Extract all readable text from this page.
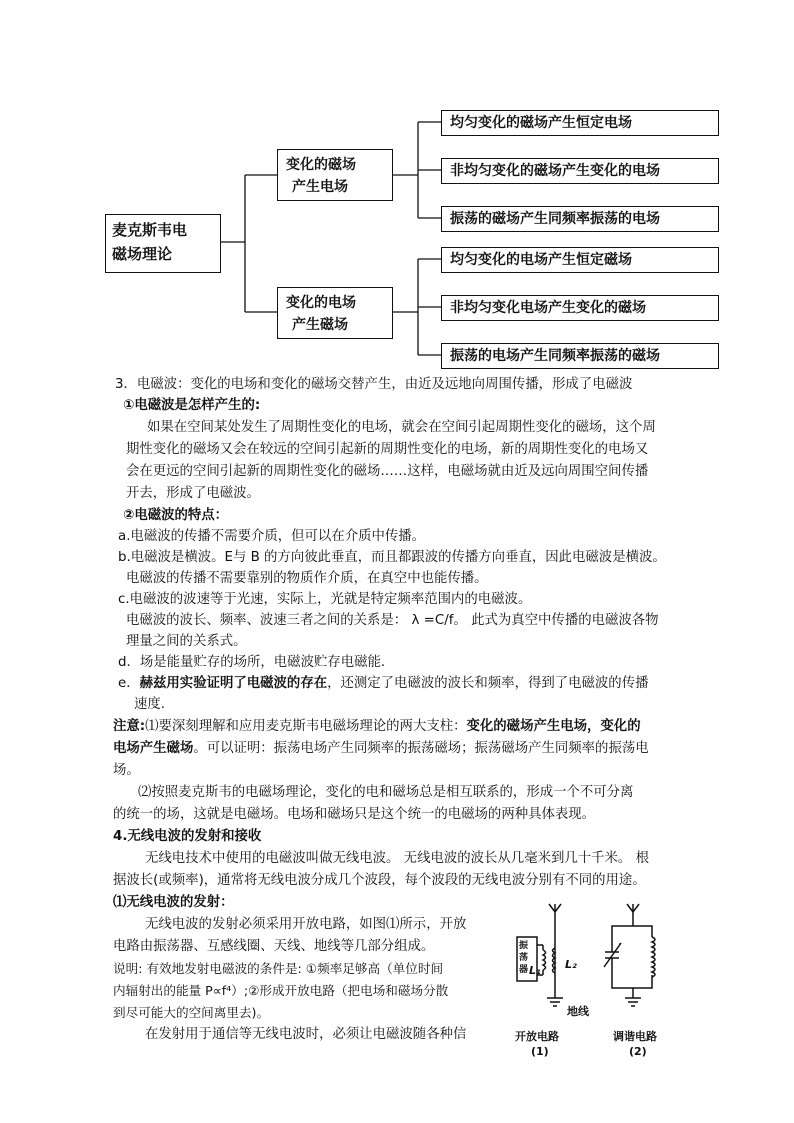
麦克斯韦电
磁场理论
变化的磁场
产生电场
变化的电场
产生磁场
均匀变化的磁场产生恒定电场
非均匀变化的磁场产生变化的电场
振荡的磁场产生同频率振荡的电场
均匀变化的电场产生恒定磁场
非均匀变化电场产生变化的磁场
振荡的电场产生同频率振荡的磁场
3．电磁波：变化的电场和变化的磁场交替产生，由近及远地向周围传播，形成了电磁波
①电磁波是怎样产生的:
如果在空间某处发生了周期性变化的电场，就会在空间引起周期性变化的磁场，这个周
期性变化的磁场又会在较远的空间引起新的周期性变化的电场，新的周期性变化的电场又
会在更远的空间引起新的周期性变化的磁场……这样，电磁场就由近及远向周围空间传播
开去，形成了电磁波。
②电磁波的特点：
a.电磁波的传播不需要介质，但可以在介质中传播。
b.电磁波是横波。E与 B 的方向彼此垂直，而且都跟波的传播方向垂直，因此电磁波是横波。
电磁波的传播不需要靠别的物质作介质，在真空中也能传播。
c.电磁波的波速等于光速，实际上，光就是特定频率范围内的电磁波。
电磁波的波长、频率、波速三者之间的关系是： λ =C/f。 此式为真空中传播的电磁波各物
理量之间的关系式。
d．场是能量贮存的场所，电磁波贮存电磁能.
e．赫兹用实验证明了电磁波的存在，还测定了电磁波的波长和频率，得到了电磁波的传播
速度.
注意:⑴要深刻理解和应用麦克斯韦电磁场理论的两大支柱：变化的磁场产生电场，变化的
电场产生磁场。可以证明：振荡电场产生同频率的振荡磁场；振荡磁场产生同频率的振荡电
场。
⑵按照麦克斯韦的电磁场理论，变化的电和磁场总是相互联系的，形成一个不可分离
的统一的场，这就是电磁场。电场和磁场只是这个统一的电磁场的两种具体表现。
4.无线电波的发射和接收
无线电技术中使用的电磁波叫做无线电波。 无线电波的波长从几毫米到几十千米。 根
据波长(或频率)，通常将无线电波分成几个波段，每个波段的无线电波分别有不同的用途。
⑴无线电波的发射：
无线电波的发射必须采用开放电路，如图⑴所示，开放
电路由振荡器、互感线圈、天线、地线等几部分组成。
说明: 有效地发射电磁波的条件是: ①频率足够高（单位时间
内辐射出的能量 P∝f⁴）;②形成开放电路（把电场和磁场分散
到尽可能大的空间离里去)。
在发射用于通信等无线电波时，必须让电磁波随各种信
振
荡
器 L₁ L₂
地线
开放电路
(1)
调谐电路
(2)
